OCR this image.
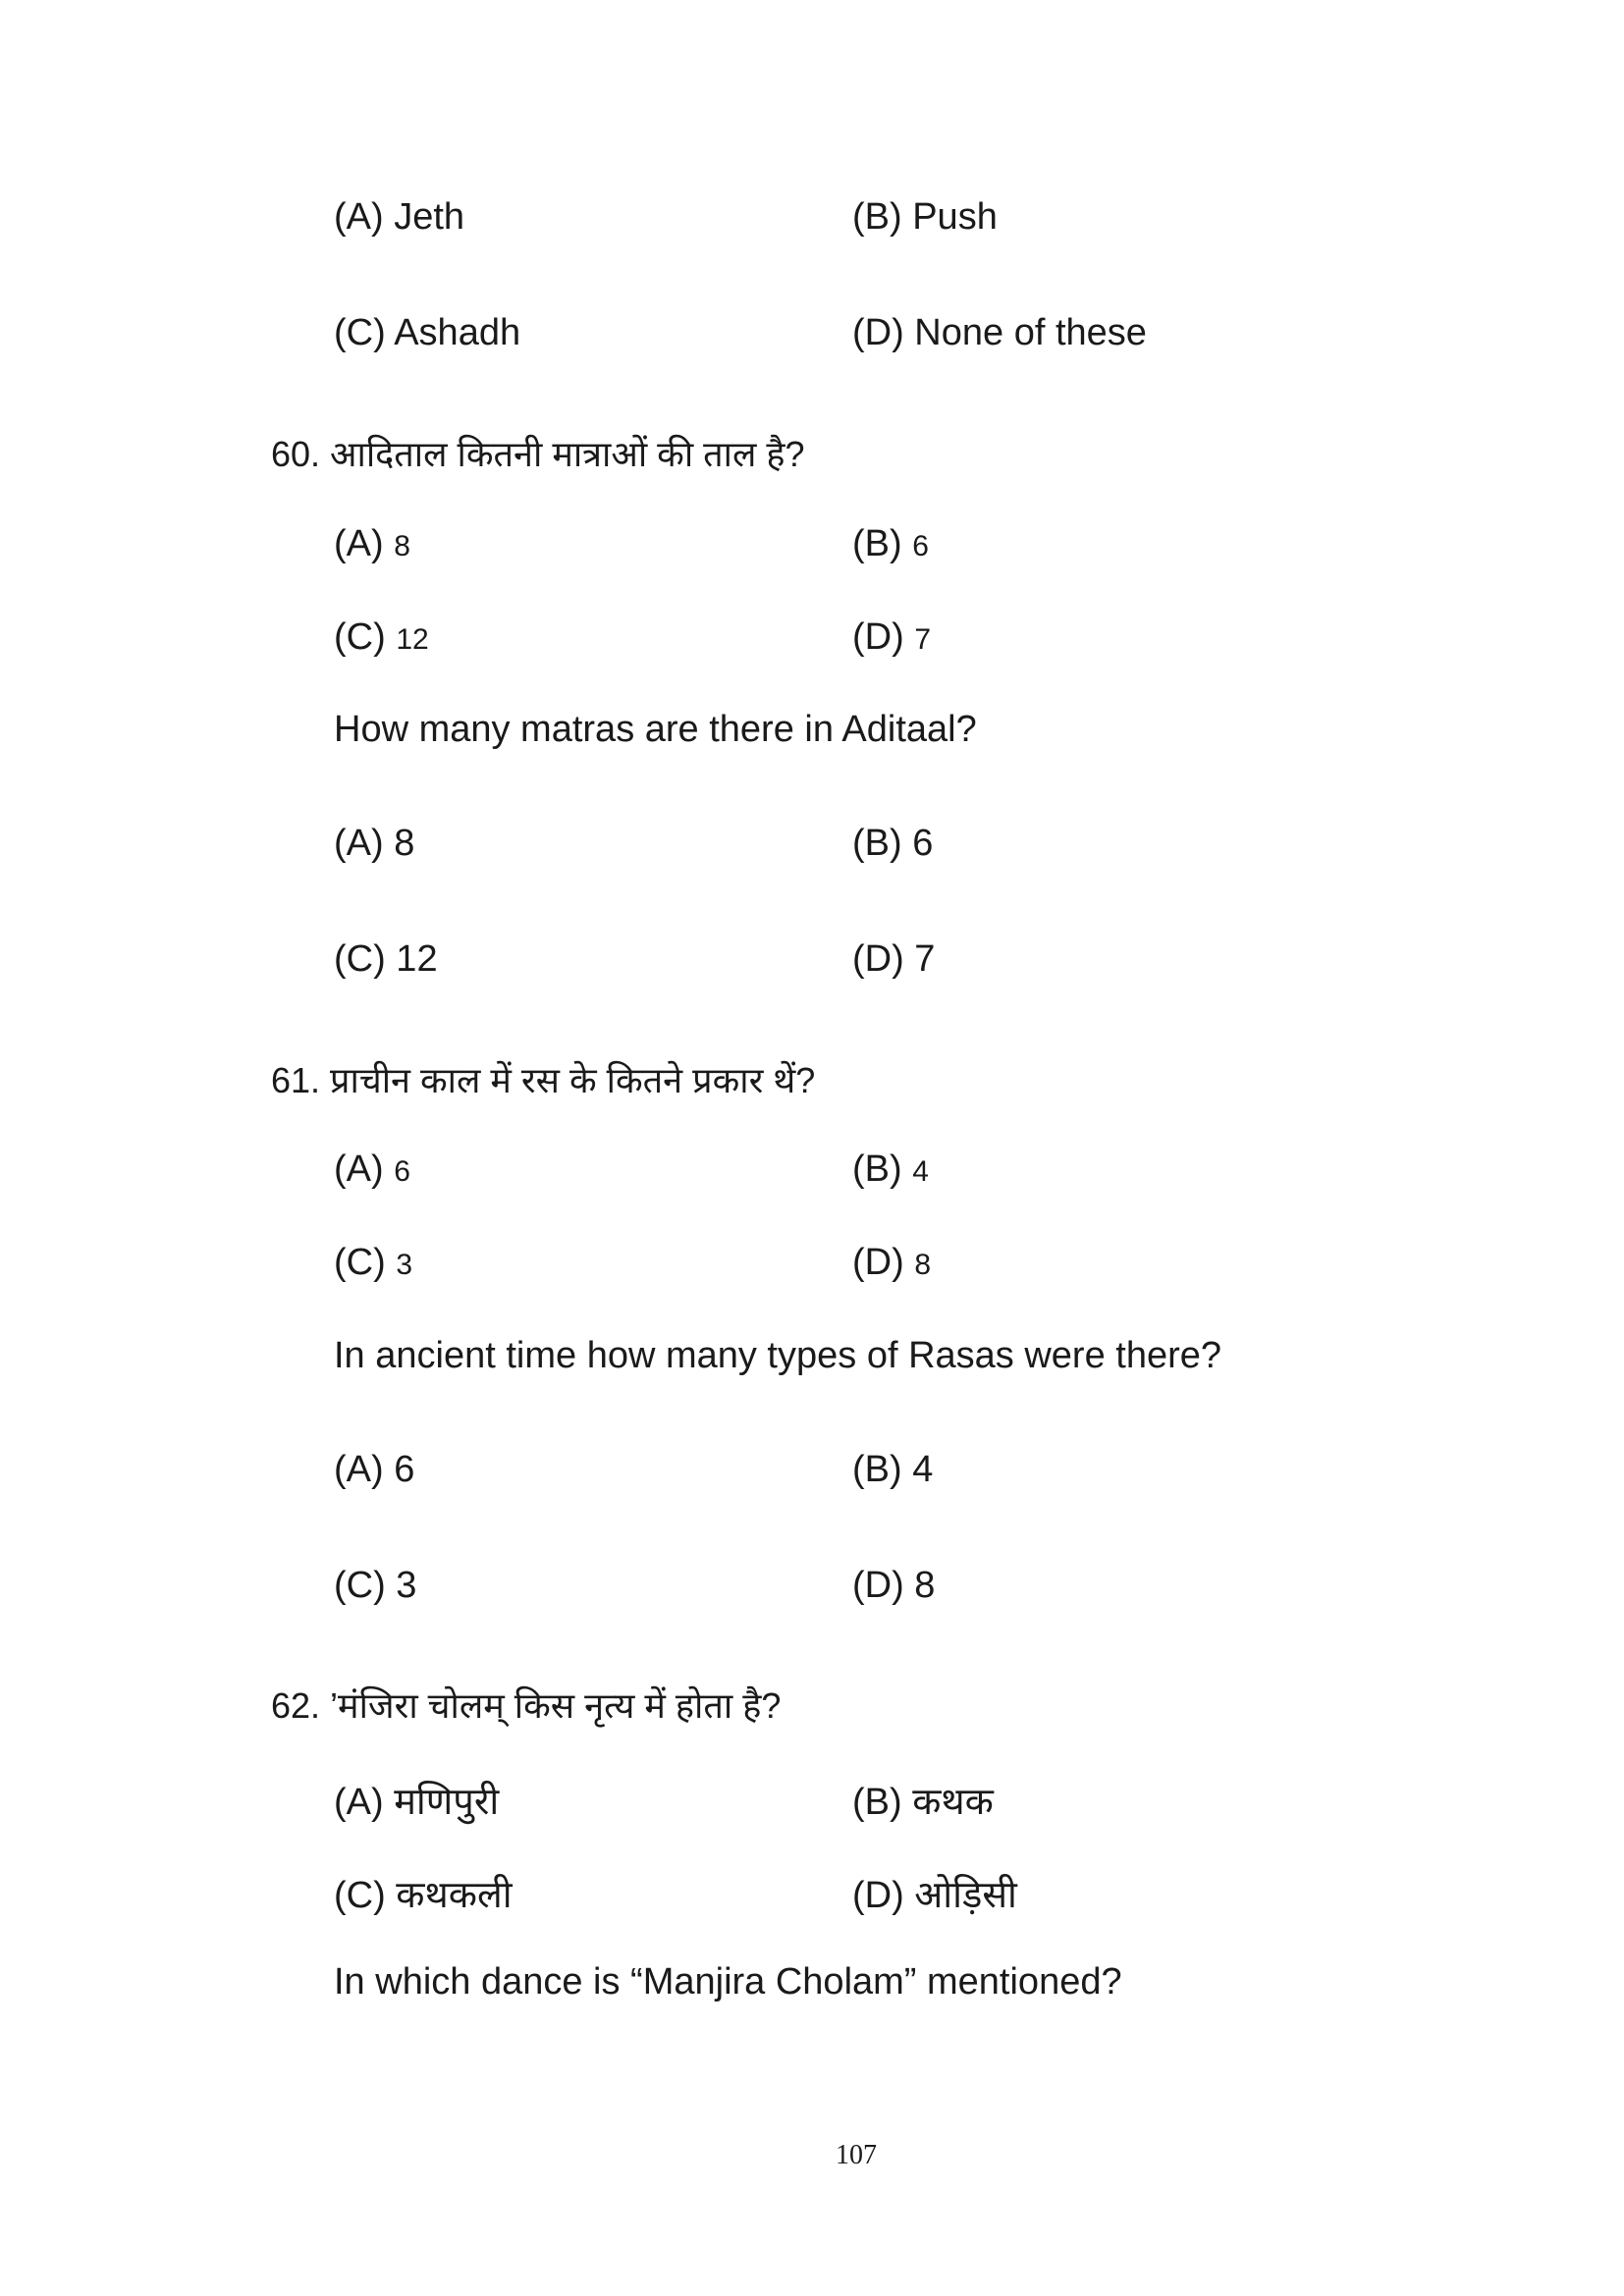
(A) Jeth	(B) Push
(C) Ashadh	(D) None of these
60. आदिताल कितनी मात्राओं की ताल है?
(A) 8	(B) 6
(C) 12	(D) 7
How many matras are there in Aditaal?
(A) 8	(B) 6
(C) 12	(D) 7
61. प्राचीन काल में रस के कितने प्रकार थें?
(A) 6	(B) 4
(C) 3	(D) 8
In ancient time how many types of Rasas were there?
(A) 6	(B) 4
(C) 3	(D) 8
62. ’मंजिरा चोलम् किस नृत्य में होता है?
(A) मणिपुरी	(B) कथक
(C) कथकली	(D) ओड़िसी
In which dance is “Manjira Cholam” mentioned?
107
